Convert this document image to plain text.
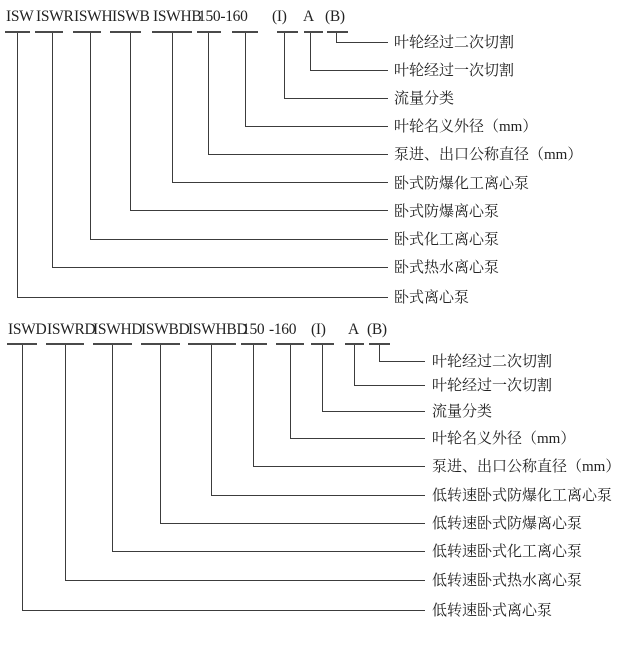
ISW ISWR ISWH ISWB ISWHB
150-160 (I) A (B)
叶轮经过二次切割
叶轮经过一次切割
流量分类
叶轮名义外径（mm）
泵进、出口公称直径（mm）
卧式防爆化工离心泵
卧式防爆离心泵
卧式化工离心泵
卧式热水离心泵
卧式离心泵
ISWD ISWRD
ISWHD
ISWBD
ISWHBD
150 -160 (I) A (B)
叶轮经过二次切割
叶轮经过一次切割
流量分类
叶轮名义外径（mm）
泵进、出口公称直径（mm）
低转速卧式防爆化工离心泵
低转速卧式防爆离心泵
低转速卧式化工离心泵
低转速卧式热水离心泵
低转速卧式离心泵
